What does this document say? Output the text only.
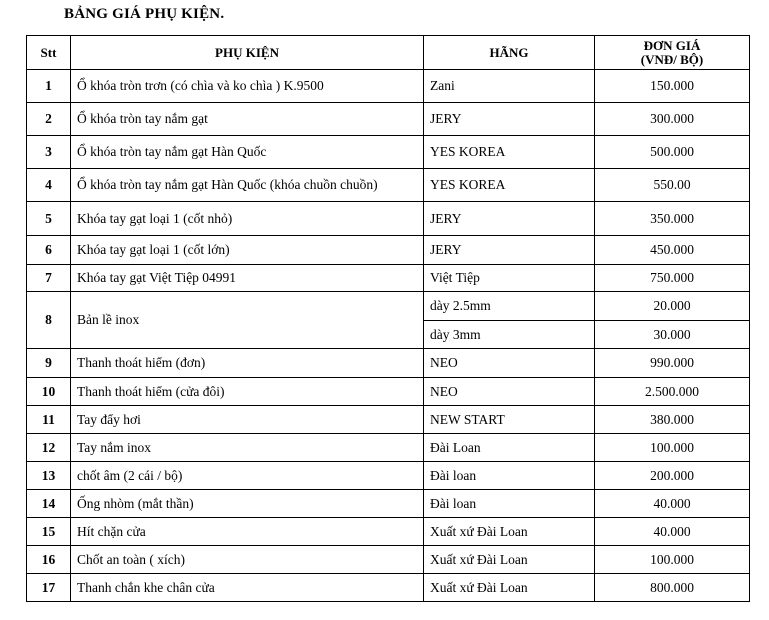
BẢNG GIÁ PHỤ KIỆN.
Stt	PHỤ KIỆN	HÃNG	ĐƠN GIÁ
(VNĐ/ BỘ)

1	Ổ khóa tròn trơn (có chìa và ko chìa ) K.9500	Zani	150.000
2	Ổ khóa tròn tay nắm gạt	JERY	300.000
3	Ổ khóa tròn tay nắm gạt Hàn Quốc	YES KOREA	500.000
4	Ổ khóa tròn tay nắm gạt Hàn Quốc (khóa chuồn chuồn)	YES KOREA	550.00
5	Khóa tay gạt loại 1 (cốt nhỏ)	JERY	350.000
6	Khóa tay gạt loại 1 (cốt lớn)	JERY	450.000
7	Khóa tay gạt Việt Tiệp 04991	Việt Tiệp	750.000
8	Bản lề inox	dày 2.5mm	20.000
		dày 3mm	30.000
9	Thanh thoát hiểm (đơn)	NEO	990.000
10	Thanh thoát hiểm (cửa đôi)	NEO	2.500.000
11	Tay đẩy hơi	NEW START	380.000
12	Tay nắm inox	Đài Loan	100.000
13	chốt âm (2 cái / bộ)	Đài loan	200.000
14	Ống nhòm (mắt thần)	Đài loan	40.000
15	Hít chặn cửa	Xuất xứ Đài Loan	40.000
16	Chốt an toàn ( xích)	Xuất xứ Đài Loan	100.000
17	Thanh chắn khe chân cửa	Xuất xứ Đài Loan	800.000
